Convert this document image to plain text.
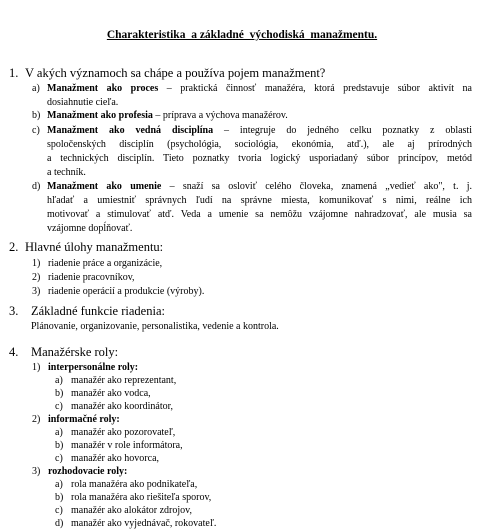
Charakteristika  a základné  východiská  manažmentu.
1. V akých významoch sa chápe a používa pojem manažment?
a) Manažment ako proces – praktická činnosť manažéra, ktorá predstavuje súbor aktivít na
dosiahnutie cieľa.
b) Manažment ako profesia – príprava a výchova manažérov.
c) Manažment ako vedná disciplína – integruje do jedného celku poznatky z oblasti
spoločenských disciplín (psychológia, sociológia, ekonómia, atď.), ale aj prírodných
a technických disciplín. Tieto poznatky tvoria logický usporiadaný súbor princípov, metód
a techník.
d) Manažment ako umenie – snaží sa osloviť celého človeka, znamená „vedieť ako", t. j.
hľadať a umiestniť správnych ľudí na správne miesta, komunikovať s nimi, reálne ich
motivovať a stimulovať atď. Veda a umenie sa nemôžu vzájomne nahradzovať, ale musia sa
vzájomne dopĺňovať.
2. Hlavné úlohy manažmentu:
1) riadenie práce a organizácie,
2) riadenie pracovníkov,
3) riadenie operácií a produkcie (výroby).
3. Základné funkcie riadenia:
Plánovanie, organizovanie, personalistika, vedenie a kontrola.
4. Manažérske roly:
1) interpersonálne roly:
a) manažér ako reprezentant,
b) manažér ako vodca,
c) manažér ako koordinátor,
2) informačné roly:
a) manažér ako pozorovateľ,
b) manažér v role informátora,
c) manažér ako hovorca,
3) rozhodovacie roly:
a) rola manažéra ako podnikateľa,
b) rola manažéra ako riešiteľa sporov,
c) manažér ako alokátor zdrojov,
d) manažér ako vyjednávač, rokovateľ.
